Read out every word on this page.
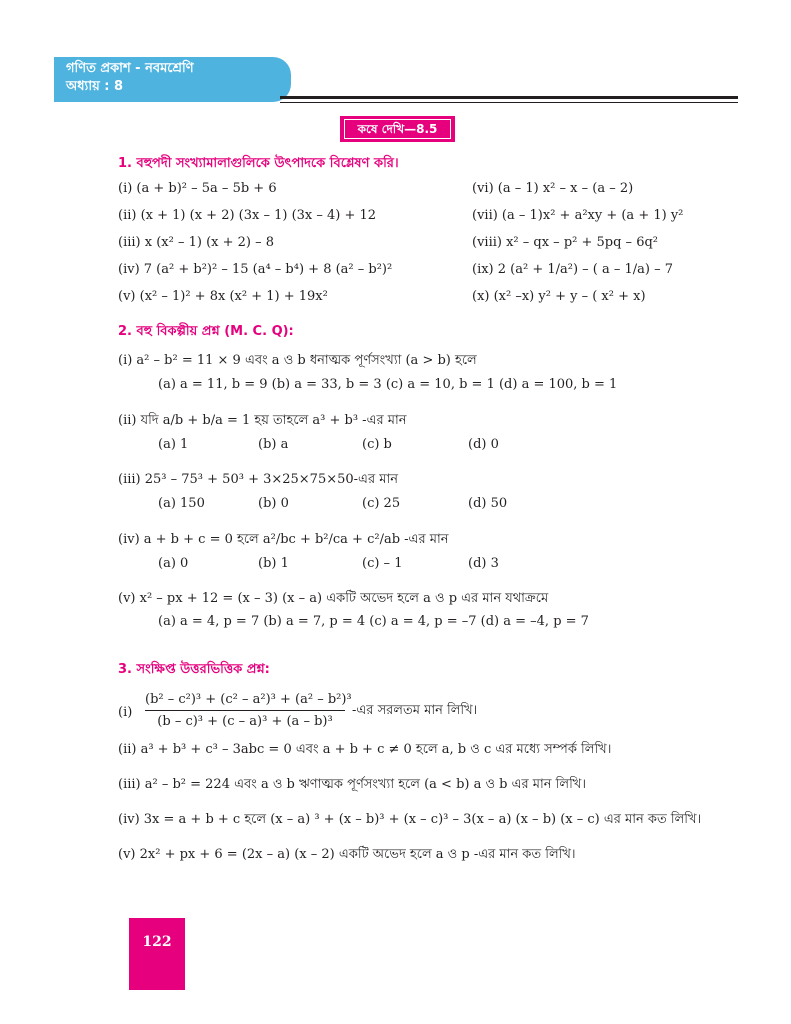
গণিত প্রকাশ - নবমশ্রেণি
অধ্যায় : 8
কষে দেখি—8.5
1. বহুপদী সংখ্যামালাগুলিকে উৎপাদকে বিশ্লেষণ করি।
(i) (a + b)² – 5a – 5b + 6
(ii) (x + 1) (x + 2) (3x – 1) (3x – 4) + 12
(iii) x (x² – 1) (x + 2) – 8
(iv) 7 (a² + b²)² – 15 (a⁴ – b⁴) + 8 (a² – b²)²
(v) (x² – 1)² + 8x (x² + 1) + 19x²
(vi) (a – 1) x² – x – (a – 2)
(vii) (a – 1)x² + a²xy + (a + 1) y²
(viii) x² – qx – p² + 5pq – 6q²
(ix) 2 (a² + 1/a²) – ( a – 1/a) – 7
(x) (x² –x) y² + y – ( x² + x)
2. বহু বিকল্পীয় প্রশ্ন (M. C. Q):
(i) a² – b² = 11 × 9 এবং a ও b ধনাত্মক পূর্ণসংখ্যা (a > b) হলে
(a) a = 11, b = 9 (b) a = 33, b = 3 (c) a = 10, b = 1 (d) a = 100, b = 1
(ii) যদি a/b + b/a = 1 হয় তাহলে a³ + b³ -এর মান
(a) 1	(b) a	(c) b	(d) 0
(iii) 25³ – 75³ + 50³ + 3×25×75×50-এর মান
(a) 150	(b) 0	(c) 25	(d) 50
(iv) a + b + c = 0 হলে a²/bc + b²/ca + c²/ab -এর মান
(a) 0	(b) 1	(c) – 1	(d) 3
(v) x² – px + 12 = (x – 3) (x – a) একটি অভেদ হলে a ও p এর মান যথাক্রমে
(a) a = 4, p = 7 (b) a = 7, p = 4 (c) a = 4, p = –7 (d) a = –4, p = 7
3. সংক্ষিপ্ত উত্তরভিত্তিক প্রশ্ন:
(i)
(b² – c²)³ + (c² – a²)³ + (a² – b²)³
(b – c)³ + (c – a)³ + (a – b)³
-এর সরলতম মান লিখি।
(ii) a³ + b³ + c³ – 3abc = 0 এবং a + b + c ≠ 0 হলে a, b ও c এর মধ্যে সম্পর্ক লিখি।
(iii) a² – b² = 224 এবং a ও b ঋণাত্মক পূর্ণসংখ্যা হলে (a < b) a ও b এর মান লিখি।
(iv) 3x = a + b + c হলে (x – a) ³ + (x – b)³ + (x – c)³ – 3(x – a) (x – b) (x – c) এর মান কত লিখি।
(v) 2x² + px + 6 = (2x – a) (x – 2) একটি অভেদ হলে a ও p -এর মান কত লিখি।
122
